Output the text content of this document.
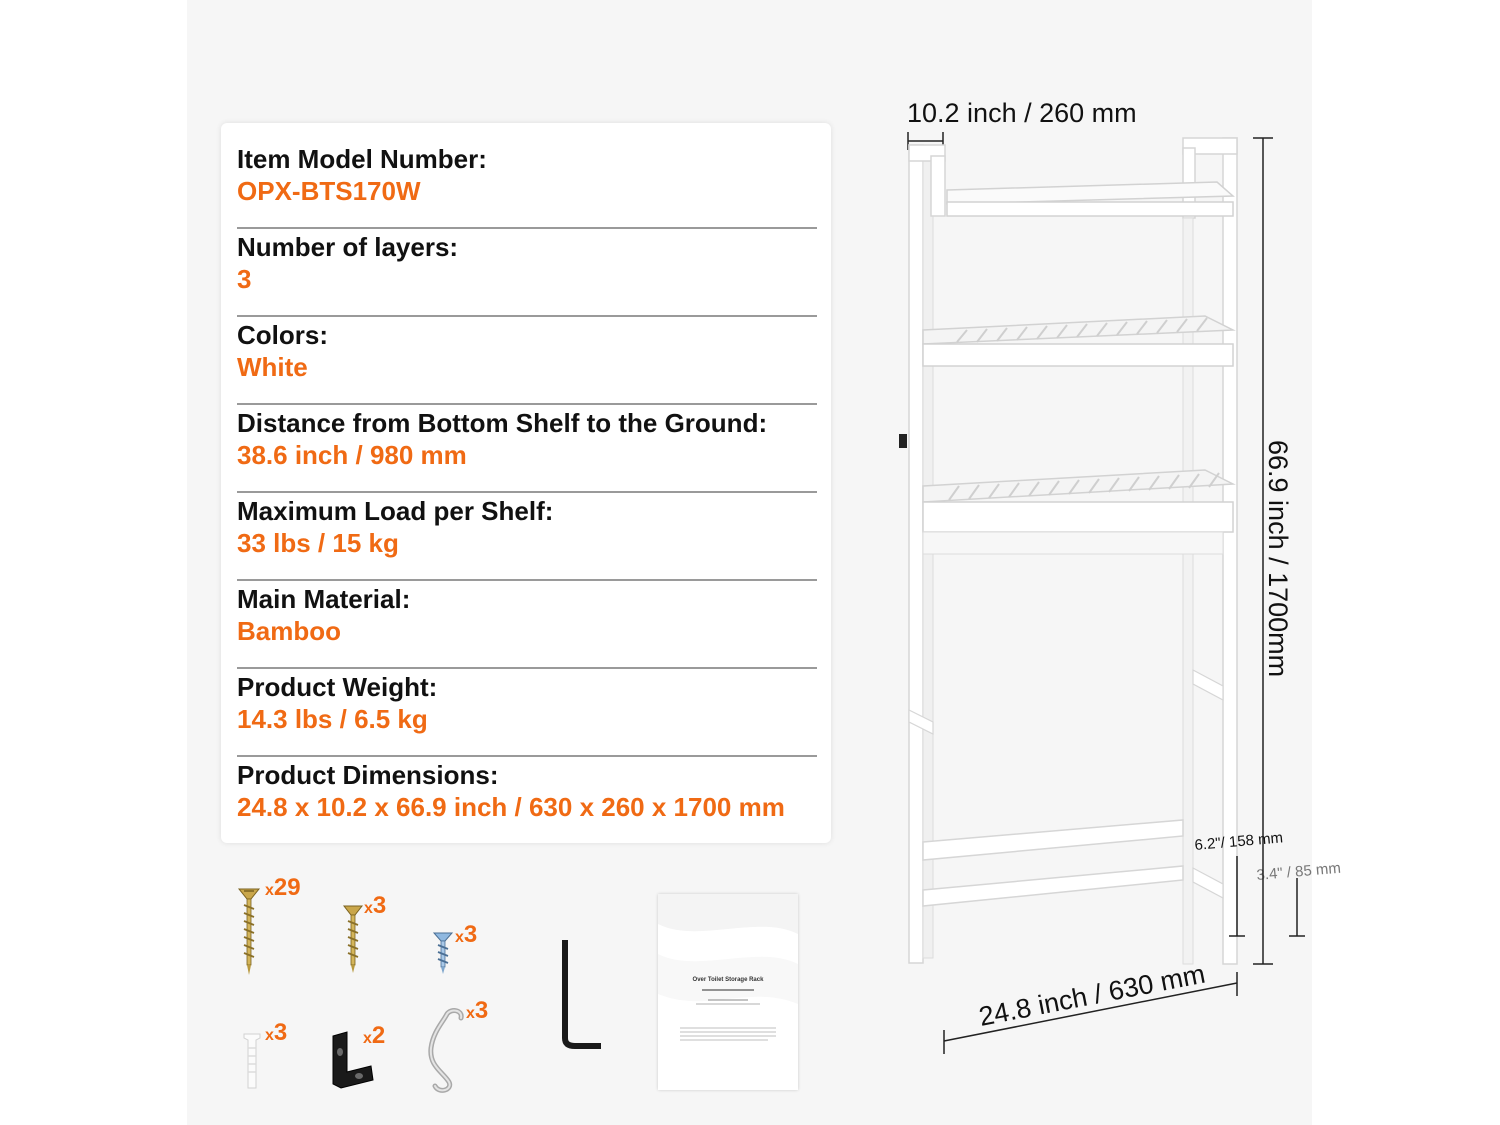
Item Model Number:
OPX-BTS170W
Number of layers:
3
Colors:
White
Distance from Bottom Shelf to the Ground:
38.6 inch / 980 mm
Maximum Load per Shelf:
33 lbs / 15 kg
Main Material:
Bamboo
Product Weight:
14.3 lbs / 6.5 kg
Product Dimensions:
24.8 x 10.2 x 66.9 inch / 630 x 260 x 1700 mm
x29
x3
x3
x3	x2
x3
Over Toilet Storage Rack
10.2 inch / 260 mm
6.2"/ 158 mm
3.4" / 85 mm
66.9 inch / 1700mm
24.8 inch / 630 mm
